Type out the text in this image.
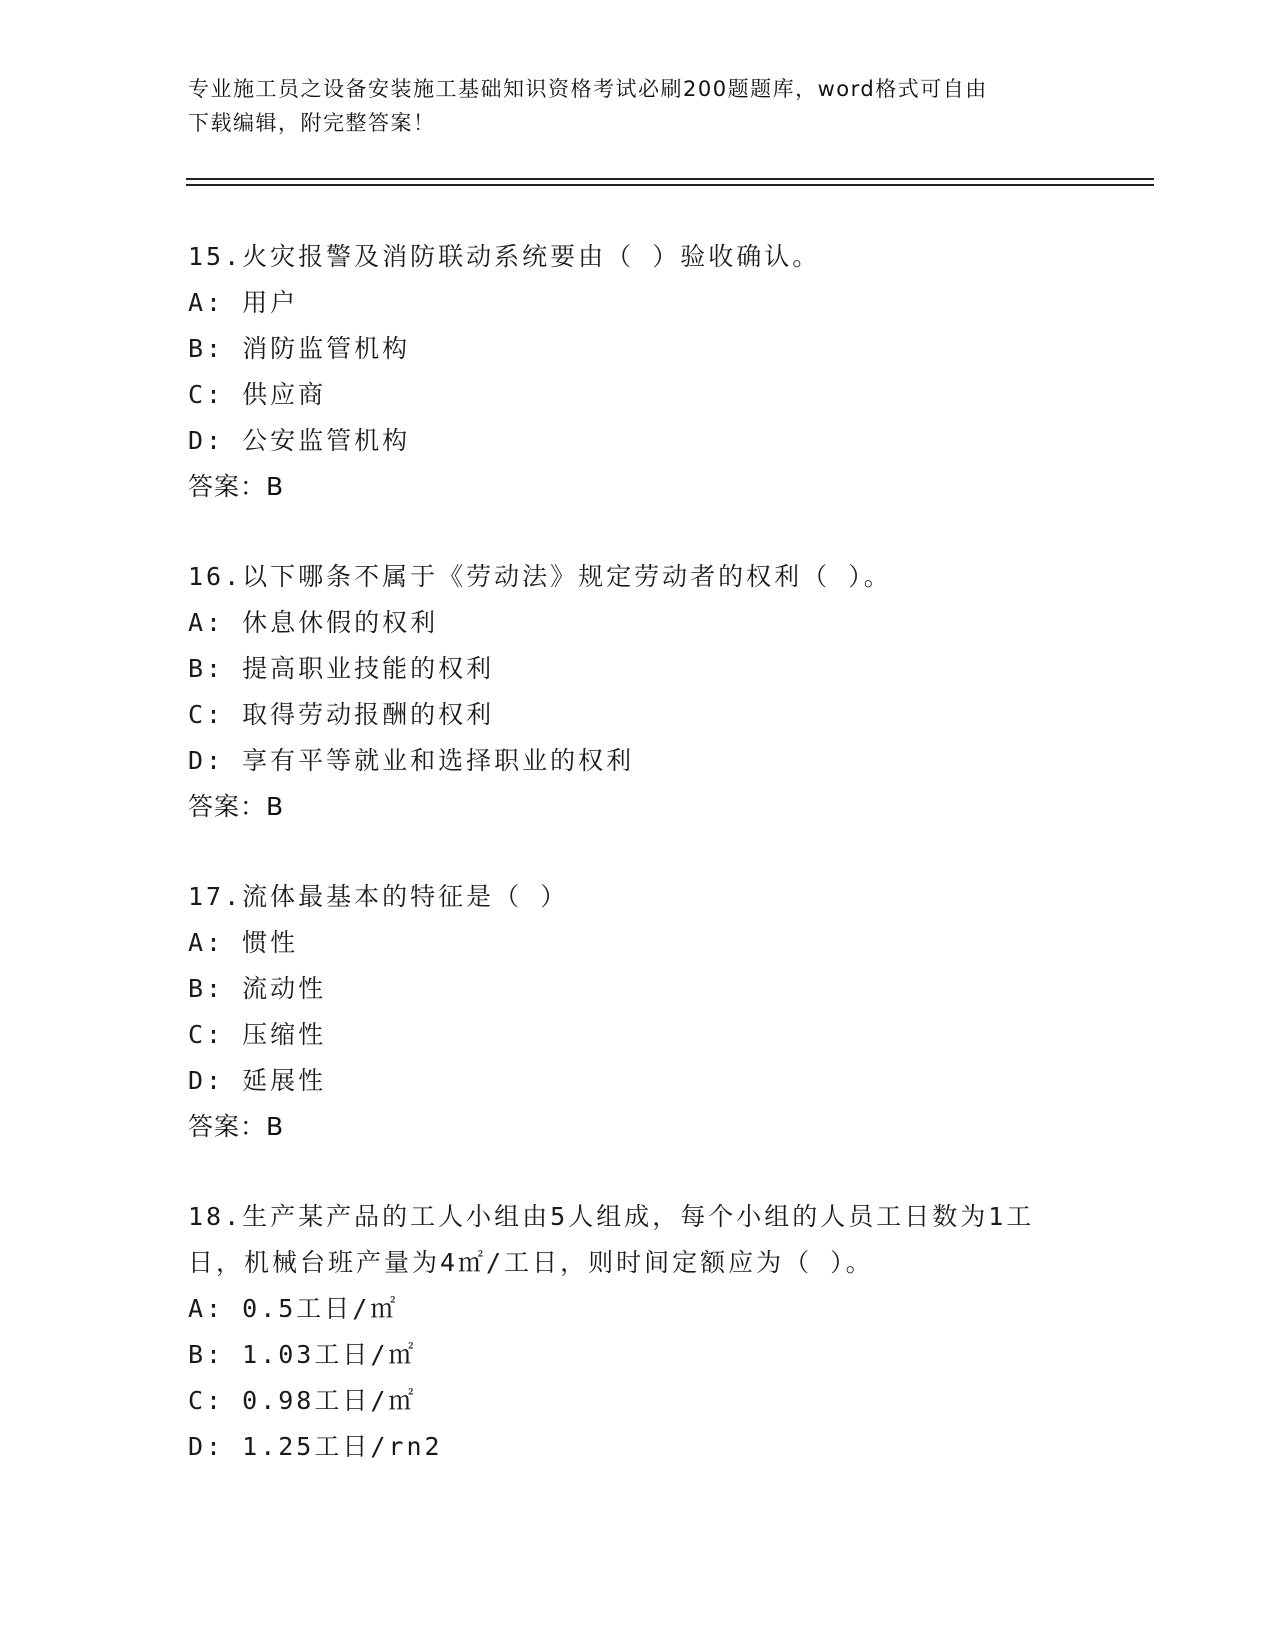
专业施工员之设备安装施工基础知识资格考试必刷200题题库，word格式可自由
下载编辑，附完整答案！
15.火灾报警及消防联动系统要由（ ）验收确认。
A: 用户
B: 消防监管机构
C: 供应商
D: 公安监管机构
答案：B
16.以下哪条不属于《劳动法》规定劳动者的权利（ ）。
A: 休息休假的权利
B: 提高职业技能的权利
C: 取得劳动报酬的权利
D: 享有平等就业和选择职业的权利
答案：B
17.流体最基本的特征是（ ）
A: 惯性
B: 流动性
C: 压缩性
D: 延展性
答案：B
18.生产某产品的工人小组由5人组成，每个小组的人员工日数为1工
日，机械台班产量为4㎡/工日，则时间定额应为（ ）。
A: 0.5工日/㎡
B: 1.03工日/㎡
C: 0.98工日/㎡
D: 1.25工日/rn2
